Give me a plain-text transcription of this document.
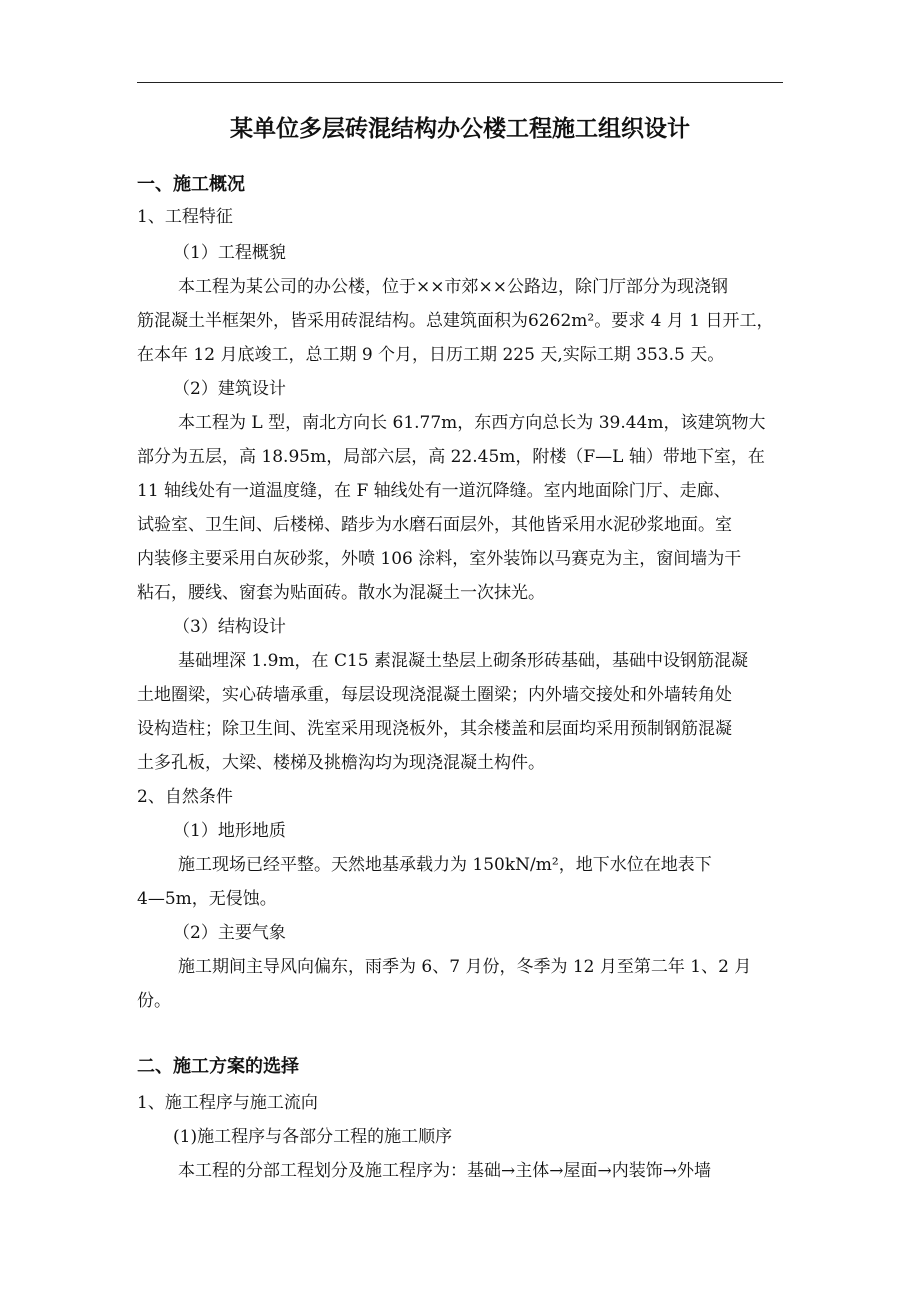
某单位多层砖混结构办公楼工程施工组织设计
一、施工概况
1、工程特征
（1）工程概貌
本工程为某公司的办公楼，位于××市郊××公路边，除门厅部分为现浇钢
筋混凝土半框架外，皆采用砖混结构。总建筑面积为6262m²。要求 4 月 1 日开工，
在本年 12 月底竣工，总工期 9 个月，日历工期 225 天,实际工期 353.5 天。
（2）建筑设计
本工程为 L 型，南北方向长 61.77m，东西方向总长为 39.44m，该建筑物大
部分为五层，高 18.95m，局部六层，高 22.45m，附楼（F—L 轴）带地下室，在
11 轴线处有一道温度缝，在 F 轴线处有一道沉降缝。室内地面除门厅、走廊、
试验室、卫生间、后楼梯、踏步为水磨石面层外，其他皆采用水泥砂浆地面。室
内装修主要采用白灰砂浆，外喷 106 涂料，室外装饰以马赛克为主，窗间墙为干
粘石，腰线、窗套为贴面砖。散水为混凝土一次抹光。
（3）结构设计
基础埋深 1.9m，在 C15 素混凝土垫层上砌条形砖基础，基础中设钢筋混凝
土地圈梁，实心砖墙承重，每层设现浇混凝土圈梁；内外墙交接处和外墙转角处
设构造柱；除卫生间、洗室采用现浇板外，其余楼盖和层面均采用预制钢筋混凝
土多孔板，大梁、楼梯及挑檐沟均为现浇混凝土构件。
2、自然条件
（1）地形地质
施工现场已经平整。天然地基承载力为 150kN/m²，地下水位在地表下
4—5m，无侵蚀。
（2）主要气象
施工期间主导风向偏东，雨季为 6、7 月份，冬季为 12 月至第二年 1、2 月
份。
二、施工方案的选择
1、施工程序与施工流向
(1)施工程序与各部分工程的施工顺序
本工程的分部工程划分及施工程序为：基础→主体→屋面→内装饰→外墙
